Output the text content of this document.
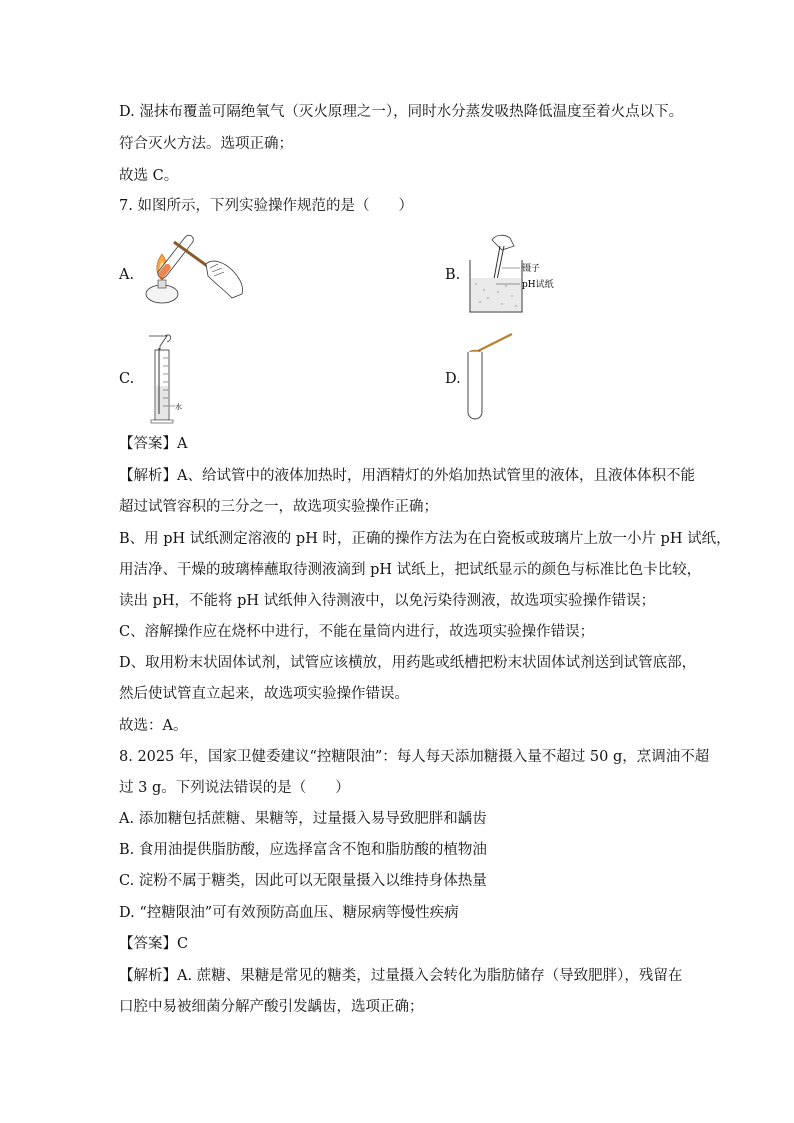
D. 湿抹布覆盖可隔绝氧气（灭火原理之一），同时水分蒸发吸热降低温度至着火点以下。
符合灭火方法。选项正确；
故选 C。
7. 如图所示，下列实验操作规范的是（　　）
A.	B.
C.	D.
镊子
pH试纸
水
【答案】A
【解析】A、给试管中的液体加热时，用酒精灯的外焰加热试管里的液体，且液体体积不能
超过试管容积的三分之一，故选项实验操作正确；
B、用 pH 试纸测定溶液的 pH 时，正确的操作方法为在白瓷板或玻璃片上放一小片 pH 试纸，
用洁净、干燥的玻璃棒蘸取待测液滴到 pH 试纸上，把试纸显示的颜色与标准比色卡比较，
读出 pH，不能将 pH 试纸伸入待测液中，以免污染待测液，故选项实验操作错误；
C、溶解操作应在烧杯中进行，不能在量筒内进行，故选项实验操作错误；
D、取用粉末状固体试剂，试管应该横放，用药匙或纸槽把粉末状固体试剂送到试管底部，
然后使试管直立起来，故选项实验操作错误。
故选：A。
8. 2025 年，国家卫健委建议“控糖限油”：每人每天添加糖摄入量不超过 50 g，烹调油不超
过 3 g。下列说法错误的是（　　）
A. 添加糖包括蔗糖、果糖等，过量摄入易导致肥胖和龋齿
B. 食用油提供脂肪酸，应选择富含不饱和脂肪酸的植物油
C. 淀粉不属于糖类，因此可以无限量摄入以维持身体热量
D. “控糖限油”可有效预防高血压、糖尿病等慢性疾病
【答案】C
【解析】A. 蔗糖、果糖是常见的糖类，过量摄入会转化为脂肪储存（导致肥胖），残留在
口腔中易被细菌分解产酸引发龋齿，选项正确；
